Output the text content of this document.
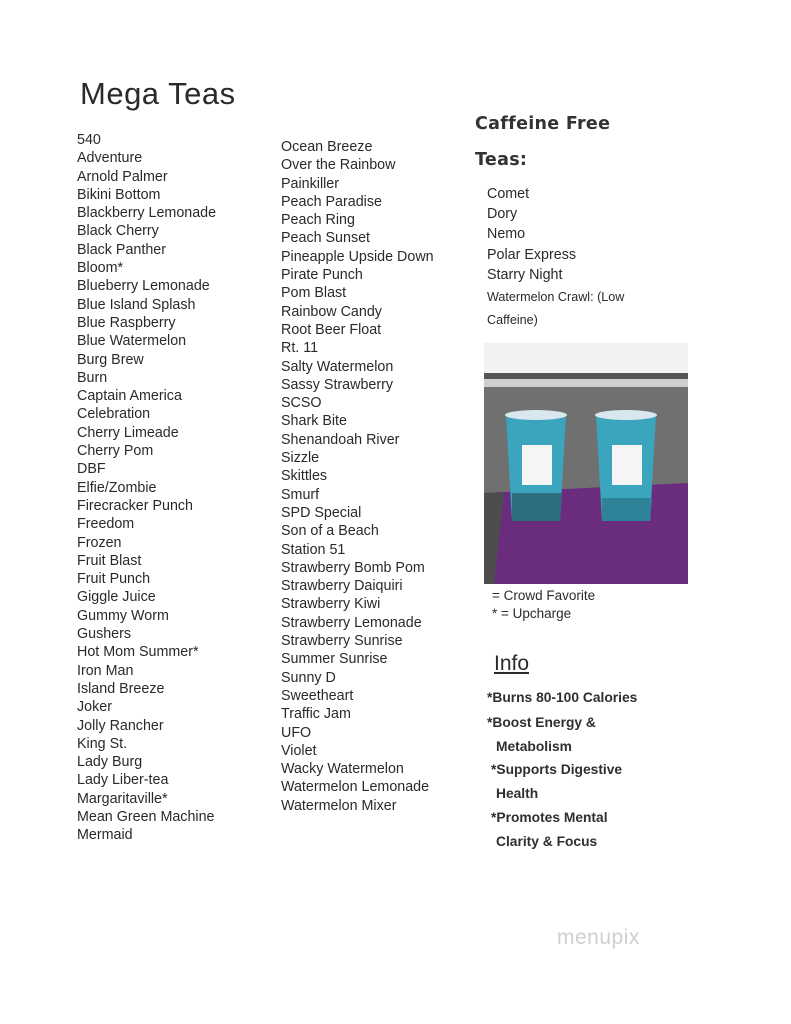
Mega Teas
540
Adventure
Arnold Palmer
Bikini Bottom
Blackberry Lemonade
Black Cherry
Black Panther
Bloom*
Blueberry Lemonade
Blue Island Splash
Blue Raspberry
Blue Watermelon
Burg Brew
Burn
Captain America
Celebration
Cherry Limeade
Cherry Pom
DBF
Elfie/Zombie
Firecracker Punch
Freedom
Frozen
Fruit Blast
Fruit Punch
Giggle Juice
Gummy Worm
Gushers
Hot Mom Summer*
Iron Man
Island Breeze
Joker
Jolly Rancher
King St.
Lady Burg
Lady Liber-tea
Margaritaville*
Mean Green Machine
Mermaid
Ocean Breeze
Over the Rainbow
Painkiller
Peach Paradise
Peach Ring
Peach Sunset
Pineapple Upside Down
Pirate Punch
Pom Blast
Rainbow Candy
Root Beer Float
Rt. 11
Salty Watermelon
Sassy Strawberry
SCSO
Shark Bite
Shenandoah River
Sizzle
Skittles
Smurf
SPD Special
Son of a Beach
Station 51
Strawberry Bomb Pom
Strawberry Daiquiri
Strawberry Kiwi
Strawberry Lemonade
Strawberry Sunrise
Summer Sunrise
Sunny D
Sweetheart
Traffic Jam
UFO
Violet
Wacky Watermelon
Watermelon Lemonade
Watermelon Mixer
Caffeine Free
Teas:
Comet
Dory
Nemo
Polar Express
Starry Night
Watermelon Crawl: (Low
Caffeine)
= Crowd Favorite
* = Upcharge
Info
*Burns 80-100 Calories
*Boost Energy &
Metabolism
*Supports Digestive
Health
*Promotes Mental
Clarity & Focus
menupix
